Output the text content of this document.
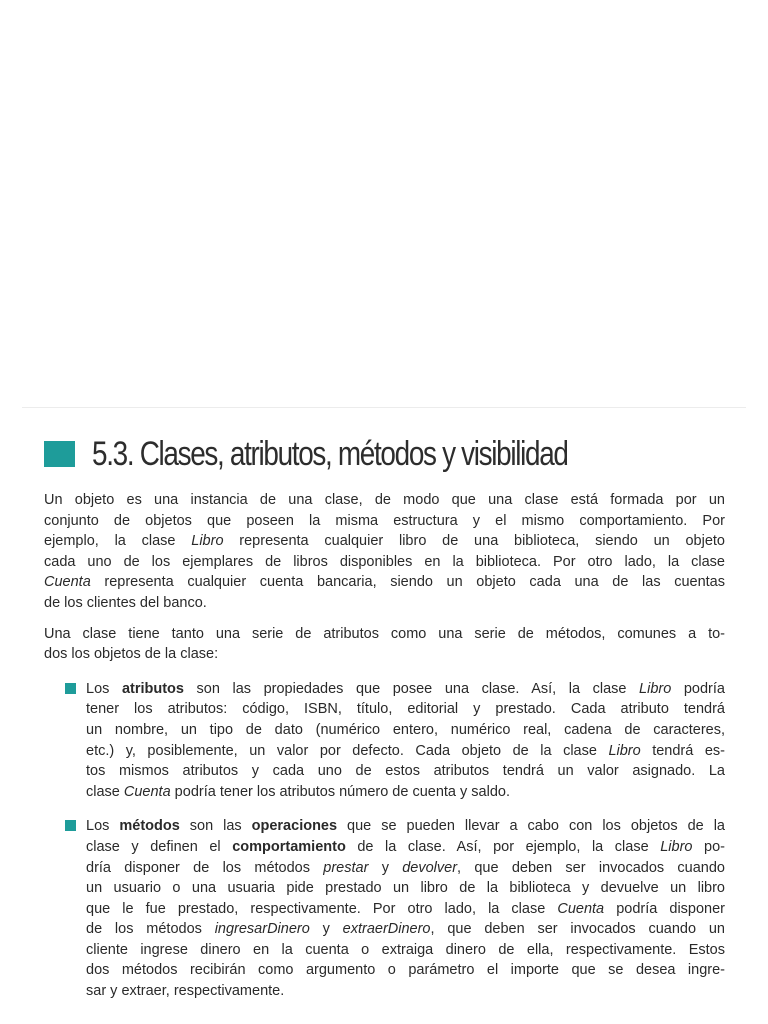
5.3. Clases, atributos, métodos y visibilidad
Un objeto es una instancia de una clase, de modo que una clase está formada por un
conjunto de objetos que poseen la misma estructura y el mismo comportamiento. Por
ejemplo, la clase Libro representa cualquier libro de una biblioteca, siendo un objeto
cada uno de los ejemplares de libros disponibles en la biblioteca. Por otro lado, la clase
Cuenta representa cualquier cuenta bancaria, siendo un objeto cada una de las cuentas
de los clientes del banco.
Una clase tiene tanto una serie de atributos como una serie de métodos, comunes a to-
dos los objetos de la clase:
Los atributos son las propiedades que posee una clase. Así, la clase Libro podría
tener los atributos: código, ISBN, título, editorial y prestado. Cada atributo tendrá
un nombre, un tipo de dato (numérico entero, numérico real, cadena de caracteres,
etc.) y, posiblemente, un valor por defecto. Cada objeto de la clase Libro tendrá es-
tos mismos atributos y cada uno de estos atributos tendrá un valor asignado. La
clase Cuenta podría tener los atributos número de cuenta y saldo.
Los métodos son las operaciones que se pueden llevar a cabo con los objetos de la
clase y definen el comportamiento de la clase. Así, por ejemplo, la clase Libro po-
dría disponer de los métodos prestar y devolver, que deben ser invocados cuando
un usuario o una usuaria pide prestado un libro de la biblioteca y devuelve un libro
que le fue prestado, respectivamente. Por otro lado, la clase Cuenta podría disponer
de los métodos ingresarDinero y extraerDinero, que deben ser invocados cuando un
cliente ingrese dinero en la cuenta o extraiga dinero de ella, respectivamente. Estos
dos métodos recibirán como argumento o parámetro el importe que se desea ingre-
sar y extraer, respectivamente.
